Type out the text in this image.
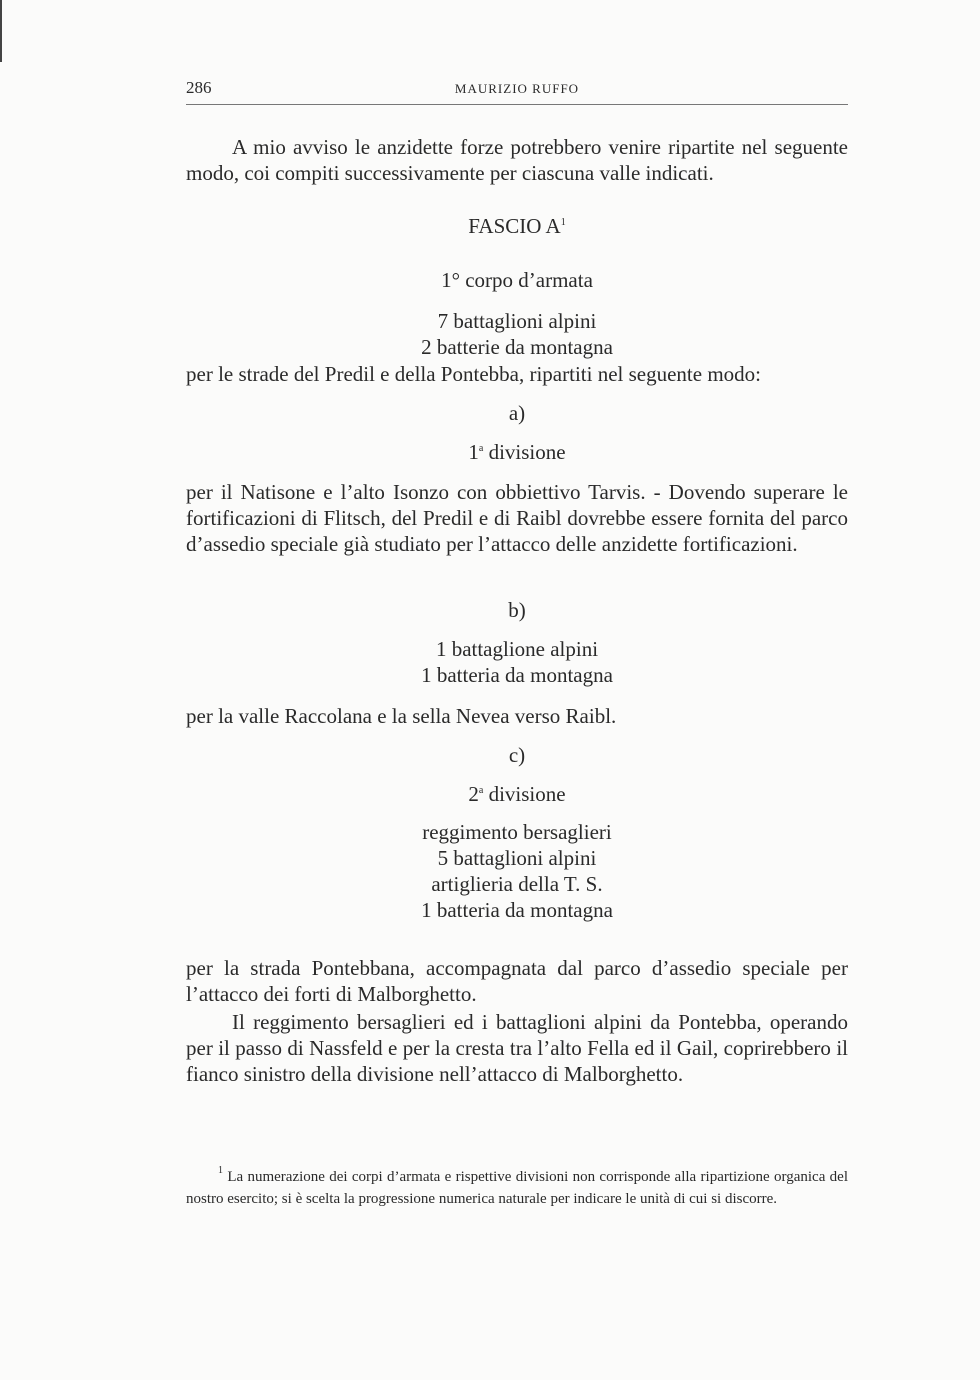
286	MAURIZIO RUFFO

A mio avviso le anzidette forze potrebbero venire ripartite nel seguente modo, coi compiti successivamente per ciascuna valle indicati.

FASCIO $A^1$
1° corpo d’armata
7 battaglioni alpini
2 batterie da montagna
per le strade del Predil e della Pontebba, ripartiti nel seguente modo:
a)
1$^a$ divisione

per il Natisone e l’alto Isonzo con obbiettivo Tarvis. - Dovendo superare le fortificazioni di Flitsch, del Predil e di Raibl dovrebbe essere fornita del parco d’assedio speciale già studiato per l’attacco delle anzidette fortificazioni.

b)
1 battaglione alpini
1 batteria da montagna
per la valle Raccolana e la sella Nevea verso Raibl.
c)
2$^a$ divisione
reggimento bersaglieri
5 battaglioni alpini
artiglieria della T. S.
1 batteria da montagna

per la strada Pontebbana, accompagnata dal parco d’assedio speciale per l’attacco dei forti di Malborghetto.

Il reggimento bersaglieri ed i battaglioni alpini da Pontebba, operando per il passo di Nassfeld e per la cresta tra l’alto Fella ed il Gail, coprirebbero il fianco sinistro della divisione nell’attacco di Malborghetto.

$^1$ La numerazione dei corpi d’armata e rispettive divisioni non corrisponde alla ripartizione organica del nostro esercito; si è scelta la progressione numerica naturale per indicare le unità di cui si discorre.
